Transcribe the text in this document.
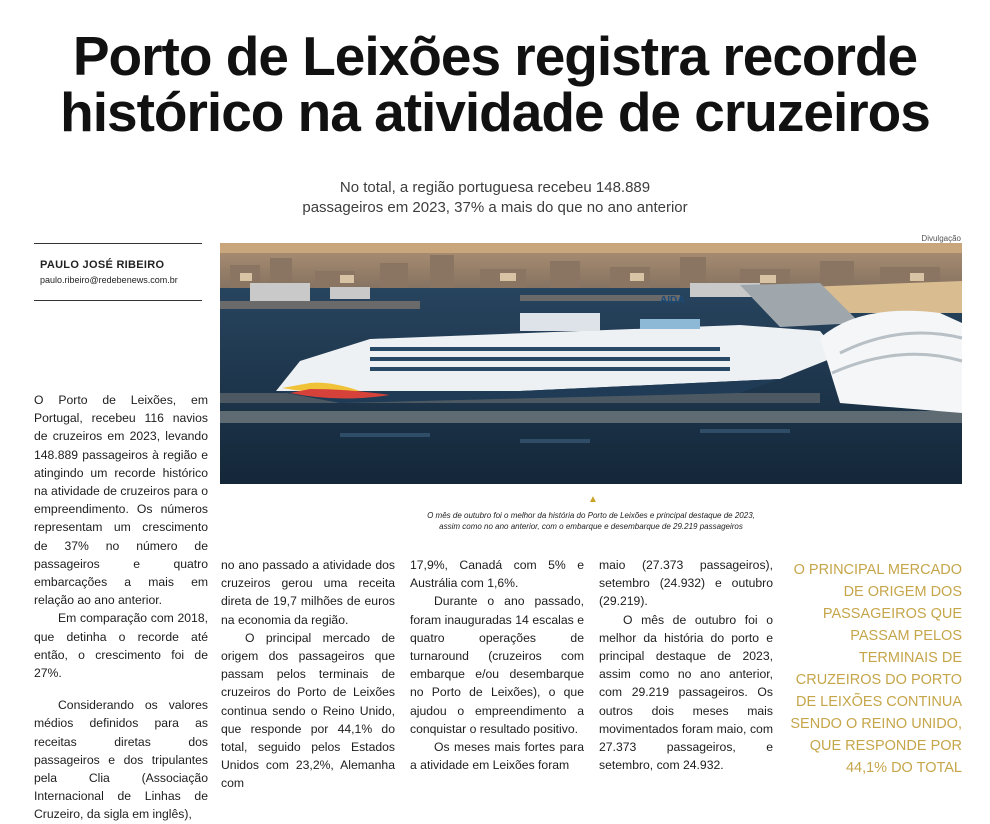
Porto de Leixões registra recorde
histórico na atividade de cruzeiros
No total, a região portuguesa recebeu 148.889
passageiros em 2023, 37% a mais do que no ano anterior
PAULO JOSÉ RIBEIRO
paulo.ribeiro@redebenews.com.br
Divulgação
AIDA
▲
O mês de outubro foi o melhor da história do Porto de Leixões e principal destaque de 2023,
assim como no ano anterior, com o embarque e desembarque de 29.219 passageiros

O Porto de Leixões, em Portugal, recebeu 116 navios de cruzeiros em 2023, levando 148.889 passageiros à região e atingindo um recorde histórico na atividade de cruzeiros para o empreendimento. Os números representam um crescimento de 37% no número de passageiros e quatro embarcações a mais em relação ao ano anterior.

Em comparação com 2018, que detinha o recorde até então, o crescimento foi de 27%.

Considerando os valores médios definidos para as receitas diretas dos passageiros e dos tripulantes pela Clia (Associação Internacional de Linhas de Cruzeiro, da sigla em inglês),

no ano passado a atividade dos cruzeiros gerou uma receita direta de 19,7 milhões de euros na economia da região.

O principal mercado de origem dos passageiros que passam pelos terminais de cruzeiros do Porto de Leixões continua sendo o Reino Unido, que responde por 44,1% do total, seguido pelos Estados Unidos com 23,2%, Alemanha com

17,9%, Canadá com 5% e Austrália com 1,6%.

Durante o ano passado, foram inauguradas 14 escalas e quatro operações de turnaround (cruzeiros com embarque e/ou desembarque no Porto de Leixões), o que ajudou o empreendimento a conquistar o resultado positivo.

Os meses mais fortes para a atividade em Leixões foram

maio (27.373 passageiros), setembro (24.932) e outubro (29.219).

O mês de outubro foi o melhor da história do porto e principal destaque de 2023, assim como no ano anterior, com 29.219 passageiros. Os outros dois meses mais movimentados foram maio, com 27.373 passageiros, e setembro, com 24.932.

O PRINCIPAL MERCADO DE ORIGEM DOS PASSAGEIROS QUE PASSAM PELOS TERMINAIS DE CRUZEIROS DO PORTO DE LEIXÕES CONTINUA SENDO O REINO UNIDO, QUE RESPONDE POR 44,1% DO TOTAL
